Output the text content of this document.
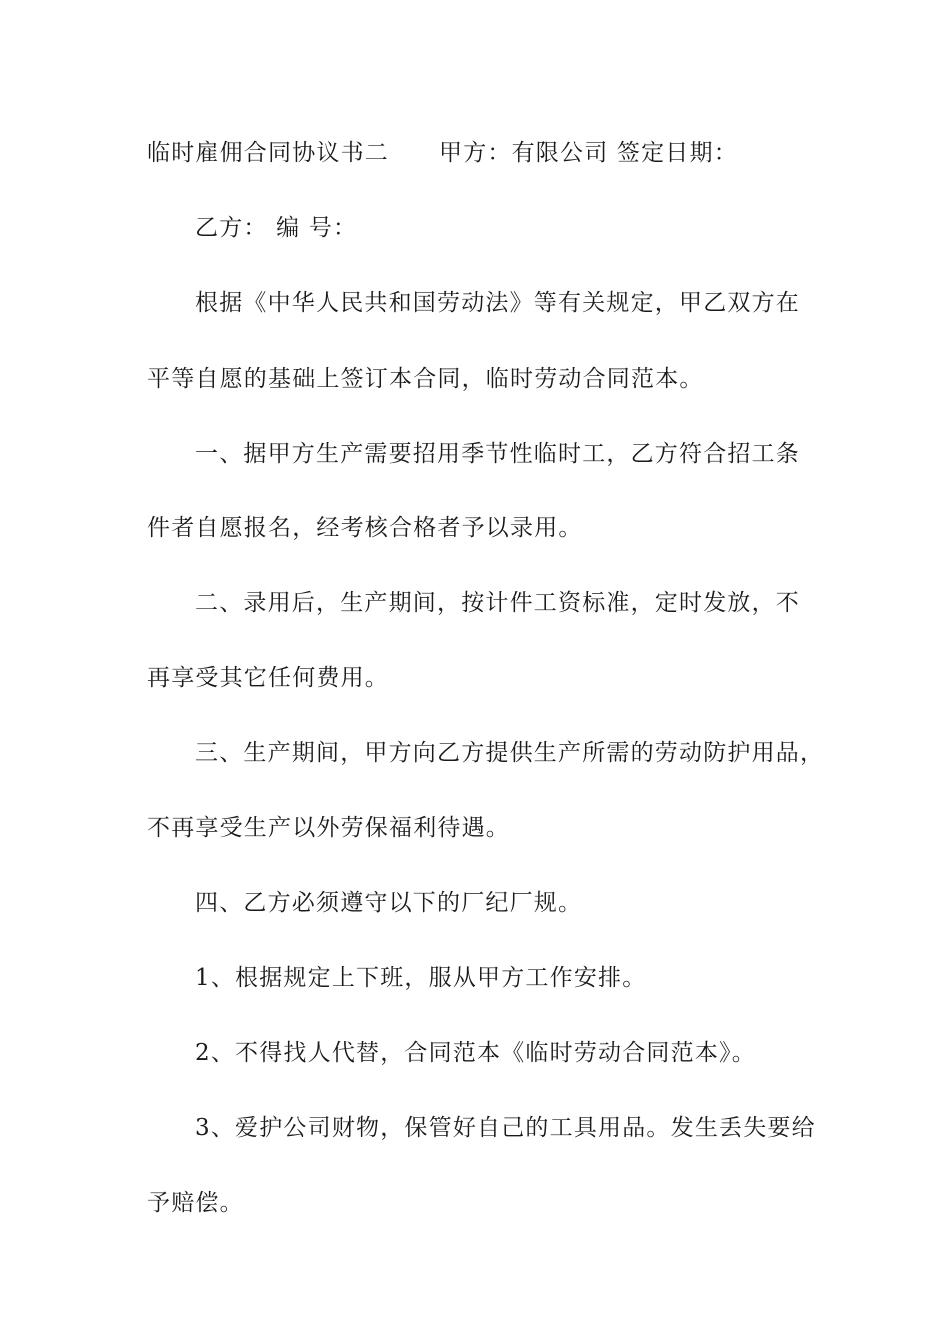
临时雇佣合同协议书二 甲方：有限公司 签定日期：
乙方： 编 号：
根据《中华人民共和国劳动法》等有关规定，甲乙双方在
平等自愿的基础上签订本合同，临时劳动合同范本。
一、据甲方生产需要招用季节性临时工，乙方符合招工条
件者自愿报名，经考核合格者予以录用。
二、录用后，生产期间，按计件工资标准，定时发放，不
再享受其它任何费用。
三、生产期间，甲方向乙方提供生产所需的劳动防护用品，
不再享受生产以外劳保福利待遇。
四、乙方必须遵守以下的厂纪厂规。
1、根据规定上下班，服从甲方工作安排。
2、不得找人代替，合同范本《临时劳动合同范本》。
3、爱护公司财物，保管好自己的工具用品。发生丢失要给
予赔偿。
